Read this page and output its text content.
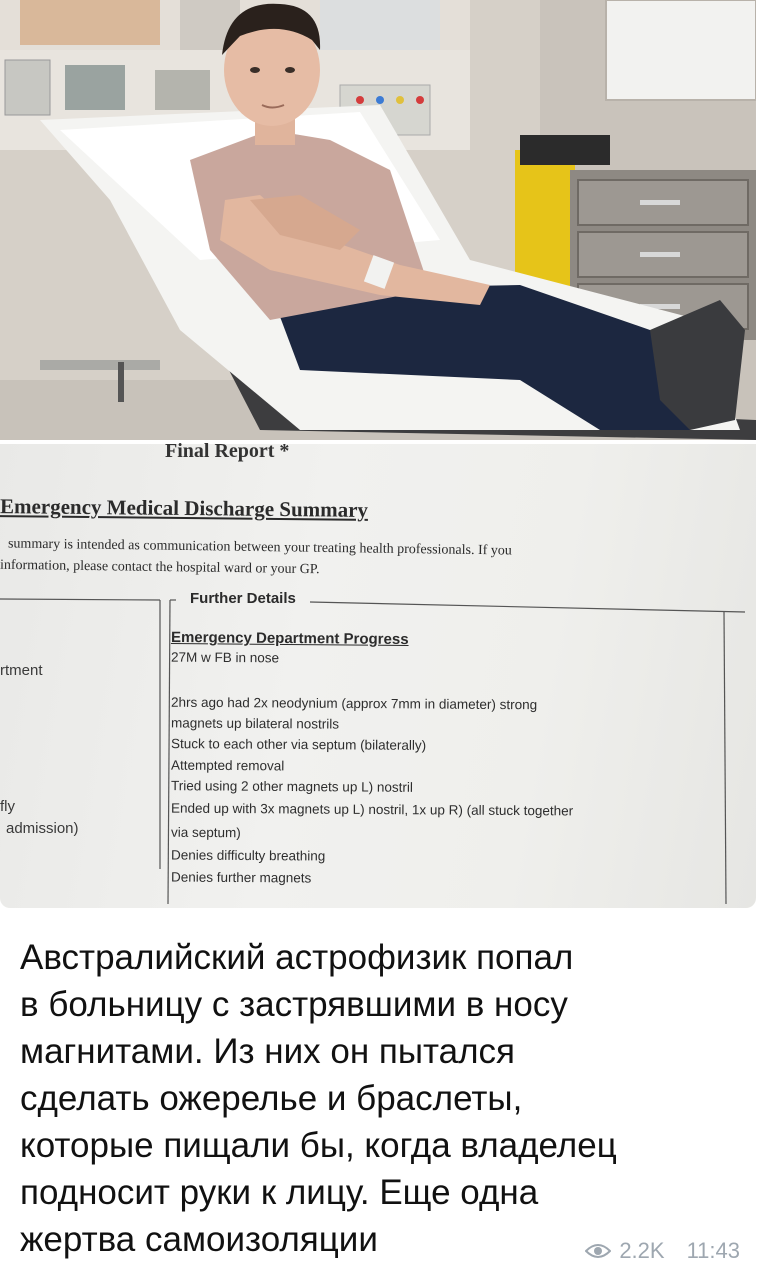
Final Report *
Emergency Medical Discharge Summary
summary is intended as communication between your treating health professionals. If you
information, please contact the hospital ward or your GP.
Further Details
Emergency Department Progress
rtment
fly
admission)
27M w FB in nose
2hrs ago had 2x neodynium (approx 7mm in diameter) strong
magnets up bilateral nostrils
Stuck to each other via septum (bilaterally)
Attempted removal
Tried using 2 other magnets up L) nostril
Ended up with 3x magnets up L) nostril, 1x up R) (all stuck together
via septum)
Denies difficulty breathing
Denies further magnets

Австралийский астрофизик попал
в больницу с застрявшими в носу
магнитами. Из них он пытался
сделать ожерелье и браслеты,
которые пищали бы, когда владелец
подносит руки к лицу. Еще одна
жертва самоизоляции	2.2K 11:43
